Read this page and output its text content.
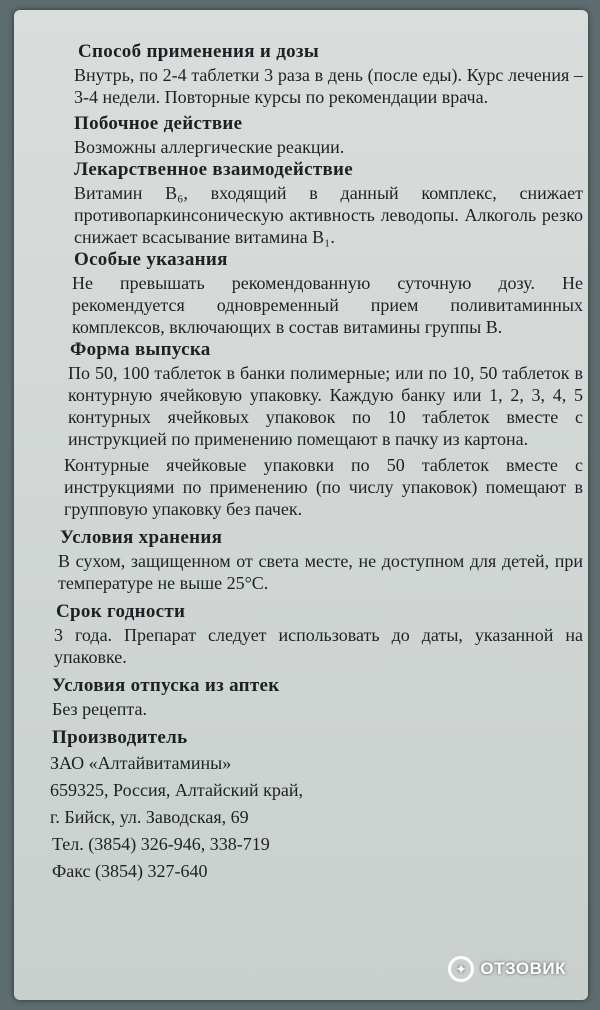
Способ применения и дозы

Внутрь, по 2-4 таблетки 3 раза в день (после еды). Курс лечения – 3-4 недели. Повторные курсы по рекомендации врача.

Побочное действие

Возможны аллергические реакции.

Лекарственное взаимодействие

Витамин B₆, входящий в данный комплекс, снижает противопаркинсоническую активность леводопы. Алкоголь резко снижает всасывание витамина B₁.

Особые указания

Не превышать рекомендованную суточную дозу. Не рекомендуется одновременный прием поливитаминных комплексов, включающих в состав витамины группы B.

Форма выпуска

По 50, 100 таблеток в банки полимерные; или по 10, 50 таблеток в контурную ячейковую упаковку. Каждую банку или 1, 2, 3, 4, 5 контурных ячейковых упаковок по 10 таблеток вместе с инструкцией по применению помещают в пачку из картона.

Контурные ячейковые упаковки по 50 таблеток вместе с инструкциями по применению (по числу упаковок) помещают в групповую упаковку без пачек.

Условия хранения

В сухом, защищенном от света месте, не доступном для детей, при температуре не выше 25°С.

Срок годности

3 года. Препарат следует использовать до даты, указанной на упаковке.

Условия отпуска из аптек

Без рецепта.

Производитель

ЗАО «Алтайвитамины»

659325, Россия, Алтайский край,

г. Бийск, ул. Заводская, 69

Тел. (3854) 326-946, 338-719

Факс (3854) 327-640

✦ ОТЗОВИК
